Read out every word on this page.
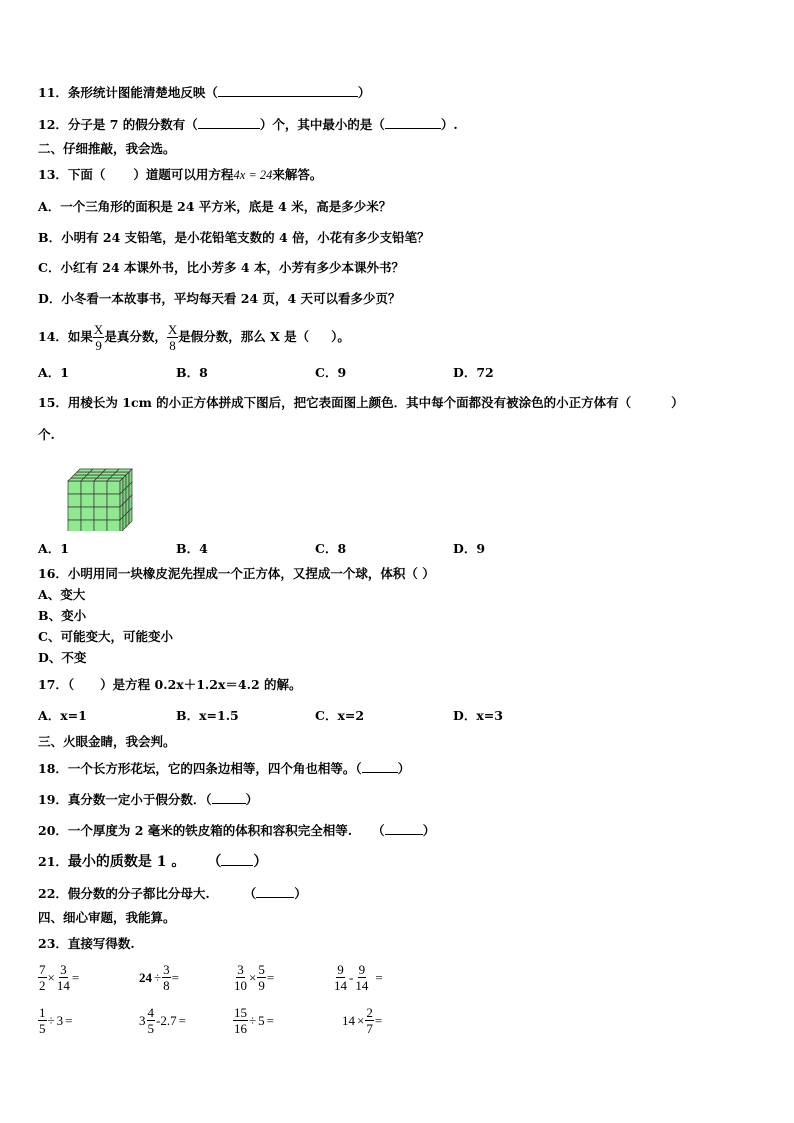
11．条形统计图能清楚地反映（	）
12．分子是 7 的假分数有（	）个，其中最小的是（	）.
二、仔细推敲，我会选。
13．下面（ ）道题可以用方程4x = 24来解答。
A．一个三角形的面积是 24 平方米，底是 4 米，高是多少米？
B．小明有 24 支铅笔，是小花铅笔支数的 4 倍，小花有多少支铅笔？
C．小红有 24 本课外书，比小芳多 4 本，小芳有多少本课外书？
D．小冬看一本故事书，平均每天看 24 页，4 天可以看多少页？
14． 如果 $\frac{X}{9}$ 是真分数， $\frac{X}{8}$ 是假分数，那么 X 是（ ）。
A．1	B．8	C．9	D．72
15．用棱长为 1cm 的小正方体拼成下图后，把它表面图上颜色．其中每个面都没有被涂色的小正方体有（	）
个.
A．1	B．4	C．8	D．9
16．小明用同一块橡皮泥先捏成一个正方体，又捏成一个球，体积（ ）
A、变大
B、变小
C、可能变大，可能变小
D、不变
17．（ ）是方程 0.2x＋1.2x＝4.2 的解。
A．x=1	B．x=1.5	C．x=2	D．x=3
三、火眼金睛，我会判。
18．一个长方形花坛，它的四条边相等，四个角也相等。（	）
19．真分数一定小于假分数．（	）
20．一个厚度为 2 毫米的铁皮箱的体积和容积完全相等. （	）
21．最小的质数是 1 。 （ ）
22．假分数的分子都比分母大.	（	）
四、细心审题，我能算。
23．直接写得数.
$\frac{7}{2} \times \frac{3}{14}$ =	$24 \div \frac{3}{8}$ =	$\frac{3}{10} \times \frac{5}{9}$ =	$\frac{9}{14} - \frac{9}{14}$ =
$\frac{1}{5} \div 3$ =	$3 \frac{4}{5} -2.7$ =	$\frac{15}{16} \div 5$ =	$14 \times \frac{2}{7}$ =
